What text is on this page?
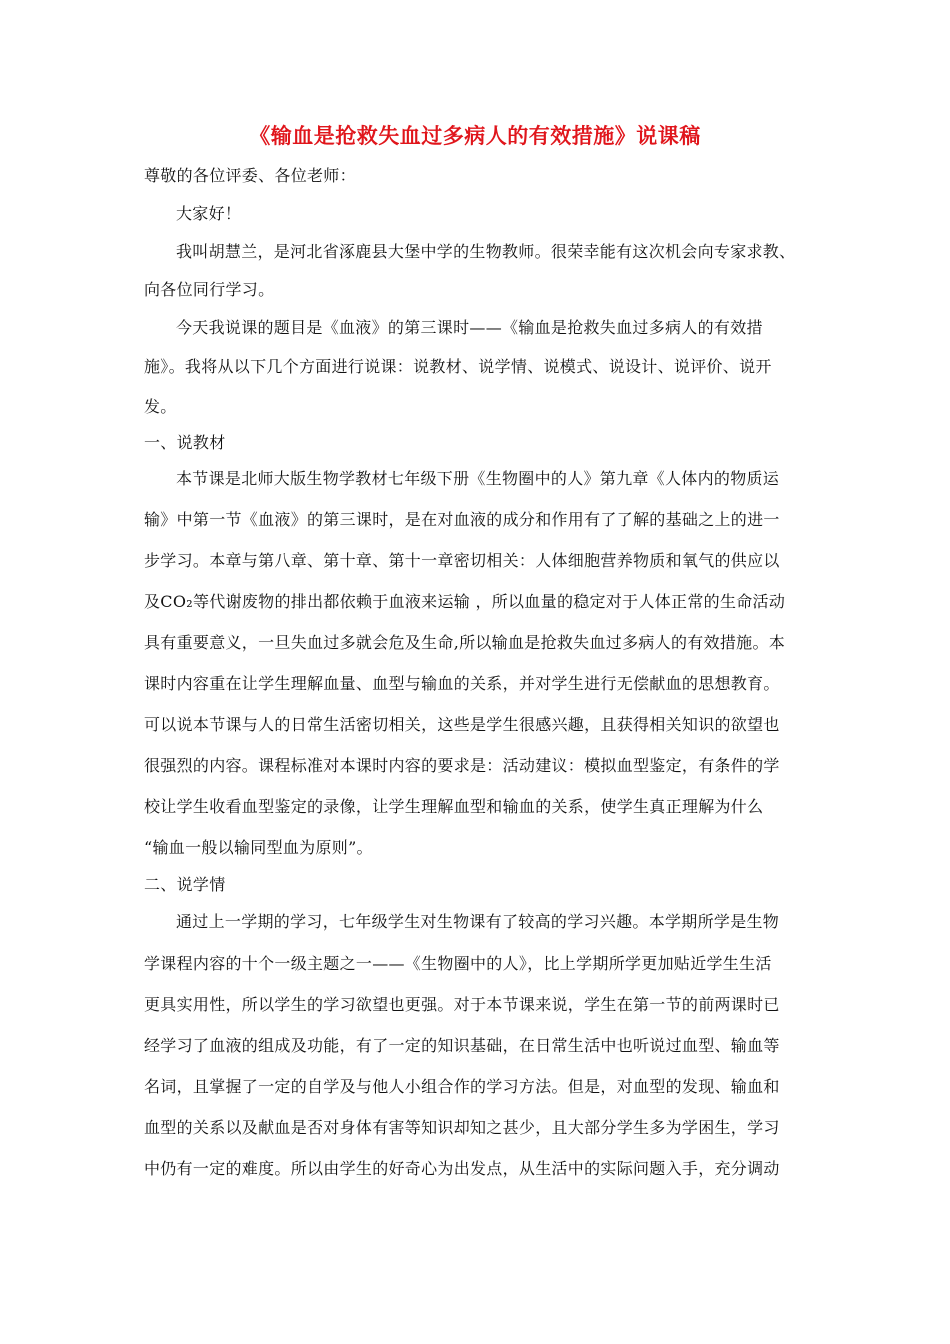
《输血是抢救失血过多病人的有效措施》说课稿
尊敬的各位评委、各位老师：
大家好！
我叫胡慧兰，是河北省涿鹿县大堡中学的生物教师。很荣幸能有这次机会向专家求教、
向各位同行学习。
今天我说课的题目是《血液》的第三课时——《输血是抢救失血过多病人的有效措
施》。我将从以下几个方面进行说课：说教材、说学情、说模式、说设计、说评价、说开
发。
一、说教材
本节课是北师大版生物学教材七年级下册《生物圈中的人》第九章《人体内的物质运
输》中第一节《血液》的第三课时，是在对血液的成分和作用有了了解的基础之上的进一
步学习。本章与第八章、第十章、第十一章密切相关：人体细胞营养物质和氧气的供应以
及CO₂等代谢废物的排出都依赖于血液来运输 ，所以血量的稳定对于人体正常的生命活动
具有重要意义，一旦失血过多就会危及生命,所以输血是抢救失血过多病人的有效措施。本
课时内容重在让学生理解血量、血型与输血的关系，并对学生进行无偿献血的思想教育。
可以说本节课与人的日常生活密切相关，这些是学生很感兴趣，且获得相关知识的欲望也
很强烈的内容。课程标准对本课时内容的要求是：活动建议：模拟血型鉴定，有条件的学
校让学生收看血型鉴定的录像，让学生理解血型和输血的关系，使学生真正理解为什么
“输血一般以输同型血为原则”。
二、说学情
通过上一学期的学习，七年级学生对生物课有了较高的学习兴趣。本学期所学是生物
学课程内容的十个一级主题之一——《生物圈中的人》，比上学期所学更加贴近学生生活
更具实用性，所以学生的学习欲望也更强。对于本节课来说，学生在第一节的前两课时已
经学习了血液的组成及功能，有了一定的知识基础，在日常生活中也听说过血型、输血等
名词，且掌握了一定的自学及与他人小组合作的学习方法。但是，对血型的发现、输血和
血型的关系以及献血是否对身体有害等知识却知之甚少，且大部分学生多为学困生，学习
中仍有一定的难度。所以由学生的好奇心为出发点，从生活中的实际问题入手，充分调动
